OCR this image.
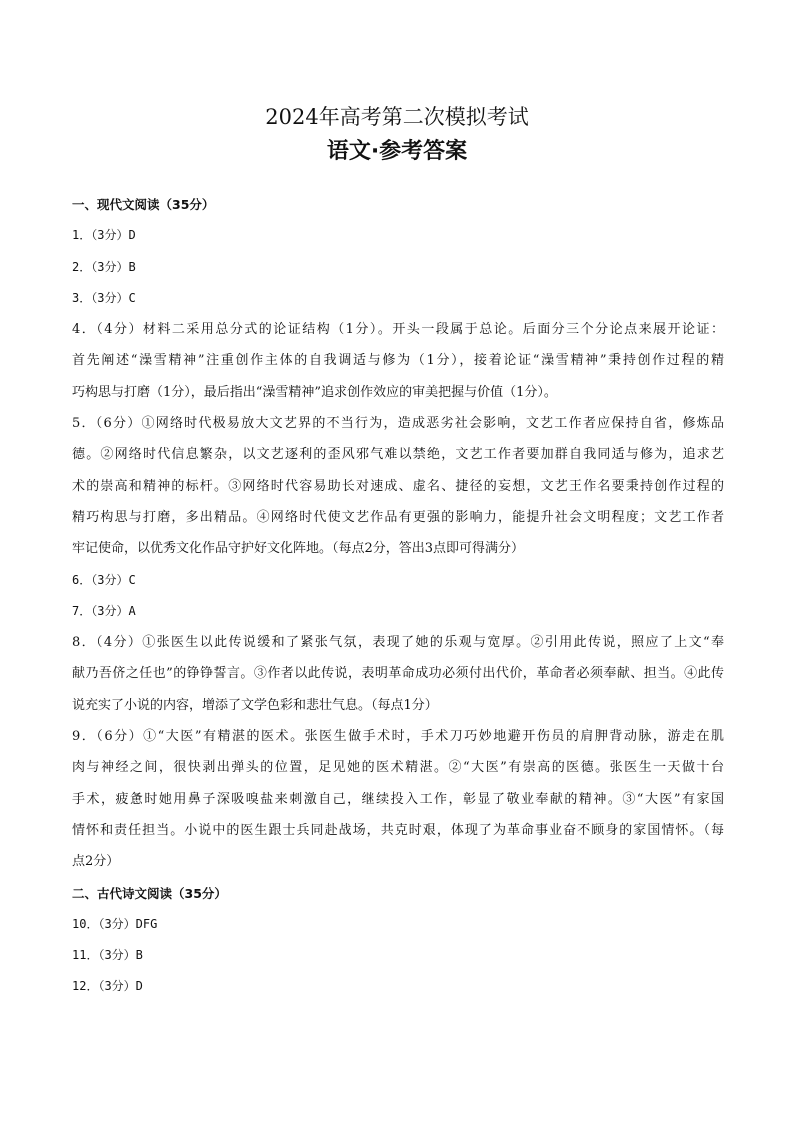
2024年高考第二次模拟考试
语文·参考答案
一、现代文阅读（35分）
1．（3分）D
2．（3分）B
3．（3分）C
4．（4分）材料二采用总分式的论证结构（1分）。开头一段属于总论。后面分三个分论点来展开论证：
首先阐述“澡雪精神”注重创作主体的自我调适与修为（1分），接着论证“澡雪精神”秉持创作过程的精
巧构思与打磨（1分），最后指出“澡雪精神”追求创作效应的审美把握与价值（1分）。
5．（6分）①网络时代极易放大文艺界的不当行为，造成恶劣社会影响，文艺工作者应保持自省，修炼品
德。②网络时代信息繁杂，以文艺逐利的歪风邪气难以禁绝，文艺工作者要加群自我同适与修为，追求艺
术的崇高和精神的标杆。③网络时代容易助长对速成、虚名、捷径的妄想，文艺王作名要秉持创作过程的
精巧构思与打磨，多出精品。④网络时代使文艺作品有更强的影响力，能提升社会文明程度；文艺工作者
牢记使命，以优秀文化作品守护好文化阵地。（每点2分，答出3点即可得满分）
6．（3分）C
7．（3分）A
8．（4分）①张医生以此传说缓和了紧张气氛，表现了她的乐观与宽厚。②引用此传说，照应了上文“奉
献乃吾侪之任也”的铮铮誓言。③作者以此传说，表明革命成功必须付出代价，革命者必须奉献、担当。④此传
说充实了小说的内容，增添了文学色彩和悲壮气息。（每点1分）
9．（6分）①“大医”有精湛的医术。张医生做手术时，手术刀巧妙地避开伤员的肩胛背动脉，游走在肌
肉与神经之间，很快剥出弹头的位置，足见她的医术精湛。②“大医”有崇高的医德。张医生一天做十台
手术，疲惫时她用鼻子深吸嗅盐来刺激自己，继续投入工作，彰显了敬业奉献的精神。③“大医”有家国
情怀和责任担当。小说中的医生跟士兵同赴战场，共克时艰，体现了为革命事业奋不顾身的家国情怀。（每
点2分）
二、古代诗文阅读（35分）
10．（3分）DFG
11．（3分）B
12．（3分）D
